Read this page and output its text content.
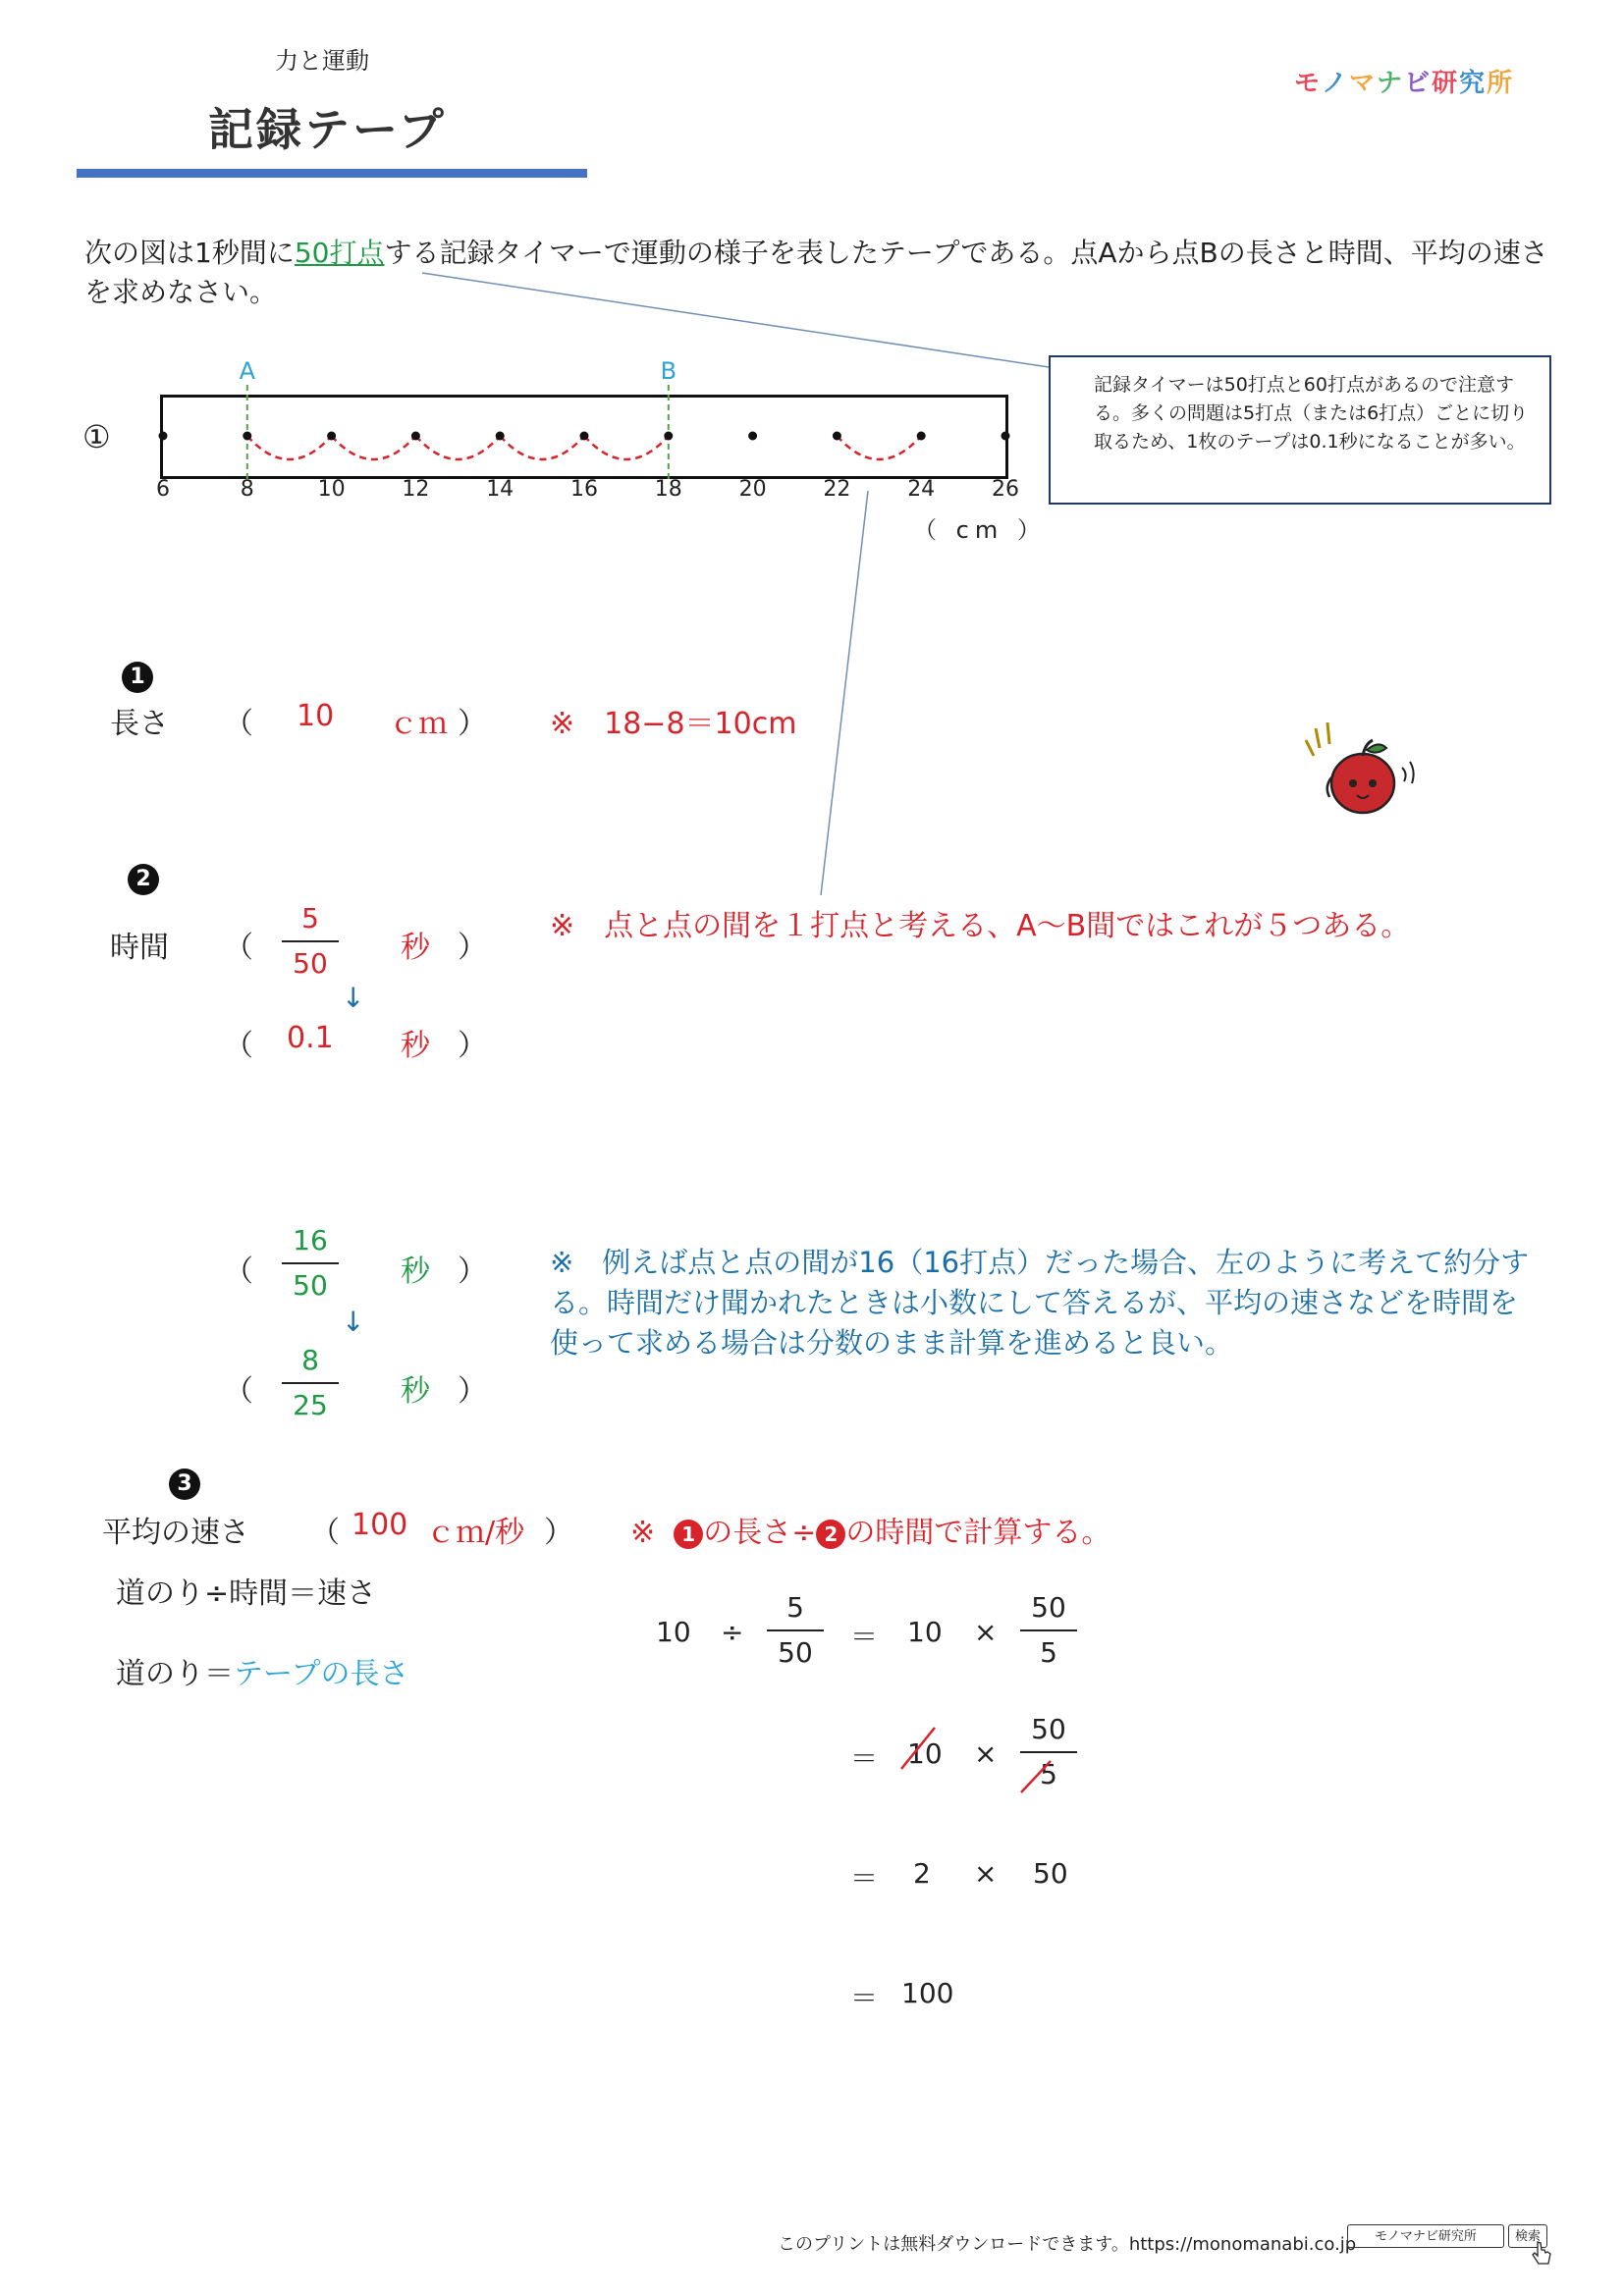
力と運動
記録テープ
モノマナビ研究所
次の図は1秒間に50打点する記録タイマーで運動の様子を表したテープである。点Aから点Bの長さと時間、平均の速さを求めなさい。
記録タイマーは50打点と60打点があるので注意する。多くの問題は5打点（または6打点）ごとに切り取るため、1枚のテープは0.1秒になることが多い。
①
6	8	10	12	14	16	18	20	22	24	26
A	B
（ cm ）
1
長さ （ 10 ｃｍ ） ※　18−8＝10cm
2
時間 （
5
50	秒 ）
↓
（ 0.1 秒 ）
※　点と点の間を１打点と考える、A〜B間ではこれが５つある。
（
16
50	秒 ）
↓
（
8
25	秒 ）
※　例えば点と点の間が16（16打点）だった場合、左のように考えて約分する。時間だけ聞かれたときは小数にして答えるが、平均の速さなどを時間を使って求める場合は分数のまま計算を進めると良い。
3
平均の速さ （ 100 ｃｍ/秒 ） ※ 1 の長さ÷ 2 の時間で計算する。
道のり÷時間＝速さ
道のり＝テープの長さ
10 ÷
5
50	＝ 10 ×
50
5
＝ 10 ×
50
5
＝ 2 × 50
＝ 100
このプリントは無料ダウンロードできます。https://monomanabi.co.jp	モノマナビ研究所	検索
